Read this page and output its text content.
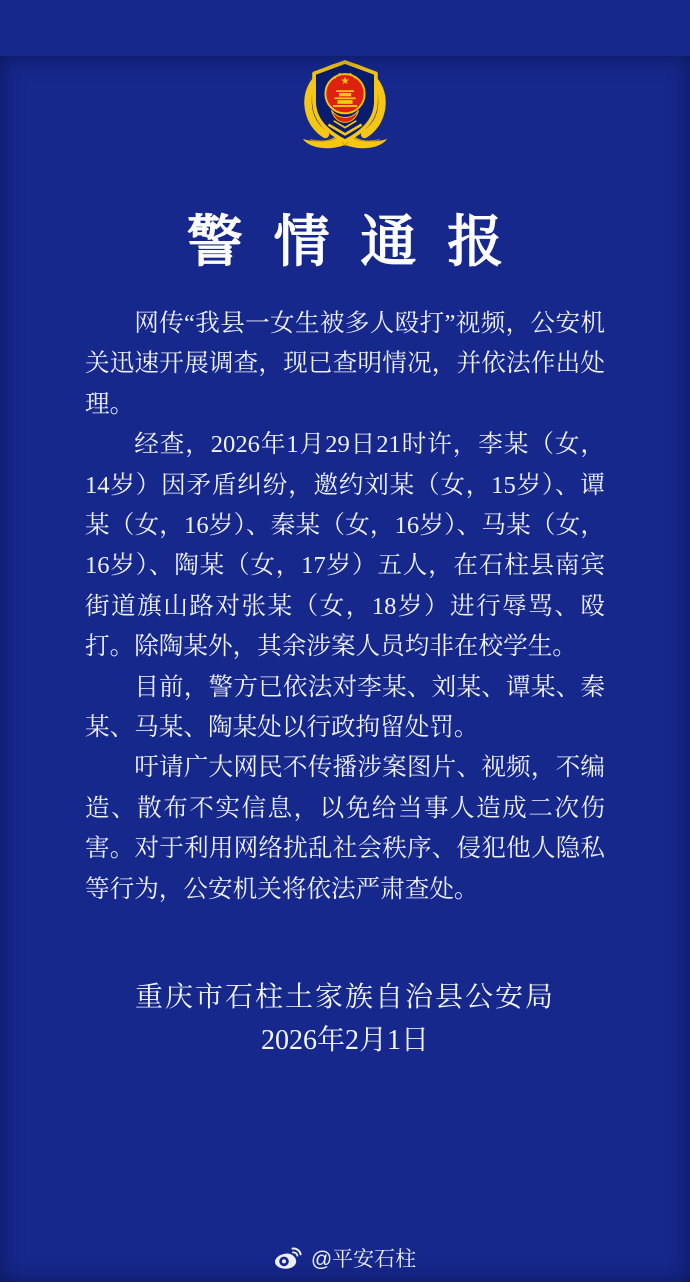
警情通报

网传“我县一女生被多人殴打”视频，公安机关迅速开展调查，现已查明情况，并依法作出处理。

经查，2026年1月29日21时许，李某（女，14岁）因矛盾纠纷，邀约刘某（女，15岁）、谭某（女，16岁）、秦某（女，16岁）、马某（女，16岁）、陶某（女，17岁）五人，在石柱县南宾街道旗山路对张某（女，18岁）进行辱骂、殴打。除陶某外，其余涉案人员均非在校学生。

目前，警方已依法对李某、刘某、谭某、秦某、马某、陶某处以行政拘留处罚。

吁请广大网民不传播涉案图片、视频，不编造、散布不实信息，以免给当事人造成二次伤害。对于利用网络扰乱社会秩序、侵犯他人隐私等行为，公安机关将依法严肃查处。

重庆市石柱土家族自治县公安局
2026年2月1日
@平安石柱
